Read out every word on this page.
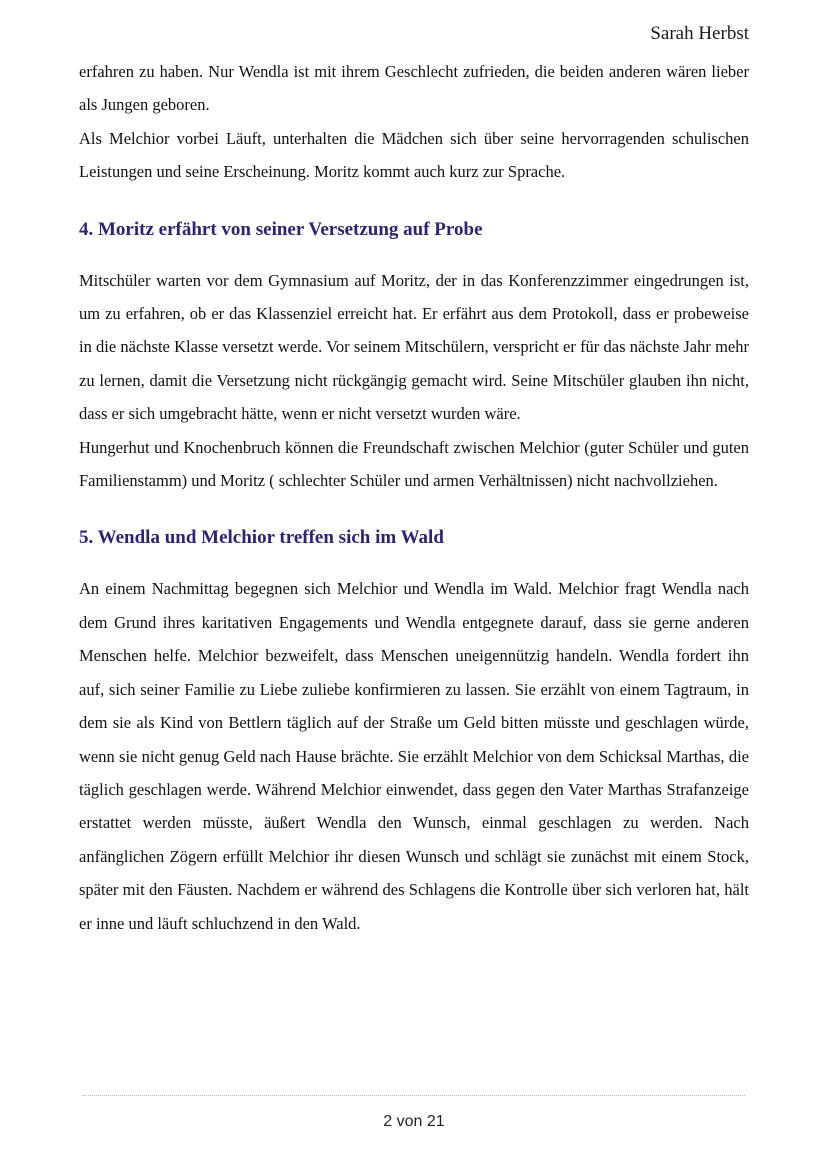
Sarah Herbst

erfahren zu haben. Nur Wendla ist mit ihrem Geschlecht zufrieden, die beiden anderen wären lieber als Jungen geboren.

Als Melchior vorbei Läuft, unterhalten die Mädchen sich über seine hervorragenden schulischen Leistungen und seine Erscheinung. Moritz kommt auch kurz zur Sprache.

4. Moritz erfährt von seiner Versetzung auf Probe

Mitschüler warten vor dem Gymnasium auf Moritz, der in das Konferenzzimmer eingedrungen ist, um zu erfahren, ob er das Klassenziel erreicht hat. Er erfährt aus dem Protokoll, dass er probeweise in die nächste Klasse versetzt werde. Vor seinem Mitschülern, verspricht er für das nächste Jahr mehr zu lernen, damit die Versetzung nicht rückgängig gemacht wird. Seine Mitschüler glauben ihn nicht, dass er sich umgebracht hätte, wenn er nicht versetzt wurden wäre.

Hungerhut und Knochenbruch können die Freundschaft zwischen Melchior (guter Schüler und guten Familienstamm) und Moritz ( schlechter Schüler und armen Verhältnissen) nicht nachvollziehen.

5. Wendla und Melchior treffen sich im Wald

An einem Nachmittag begegnen sich Melchior und Wendla im Wald. Melchior fragt Wendla nach dem Grund ihres karitativen Engagements und Wendla entgegnete darauf, dass sie gerne anderen Menschen helfe. Melchior bezweifelt, dass Menschen uneigennützig handeln. Wendla fordert ihn auf, sich seiner Familie zu Liebe zuliebe konfirmieren zu lassen. Sie erzählt von einem Tagtraum, in dem sie als Kind von Bettlern täglich auf der Straße um Geld bitten müsste und geschlagen würde, wenn sie nicht genug Geld nach Hause brächte. Sie erzählt Melchior von dem Schicksal Marthas, die täglich geschlagen werde. Während Melchior einwendet, dass gegen den Vater Marthas Strafanzeige erstattet werden müsste, äußert Wendla den Wunsch, einmal geschlagen zu werden. Nach anfänglichen Zögern erfüllt Melchior ihr diesen Wunsch und schlägt sie zunächst mit einem Stock, später mit den Fäusten. Nachdem er während des Schlagens die Kontrolle über sich verloren hat, hält er inne und läuft schluchzend in den Wald.

2 von 21
